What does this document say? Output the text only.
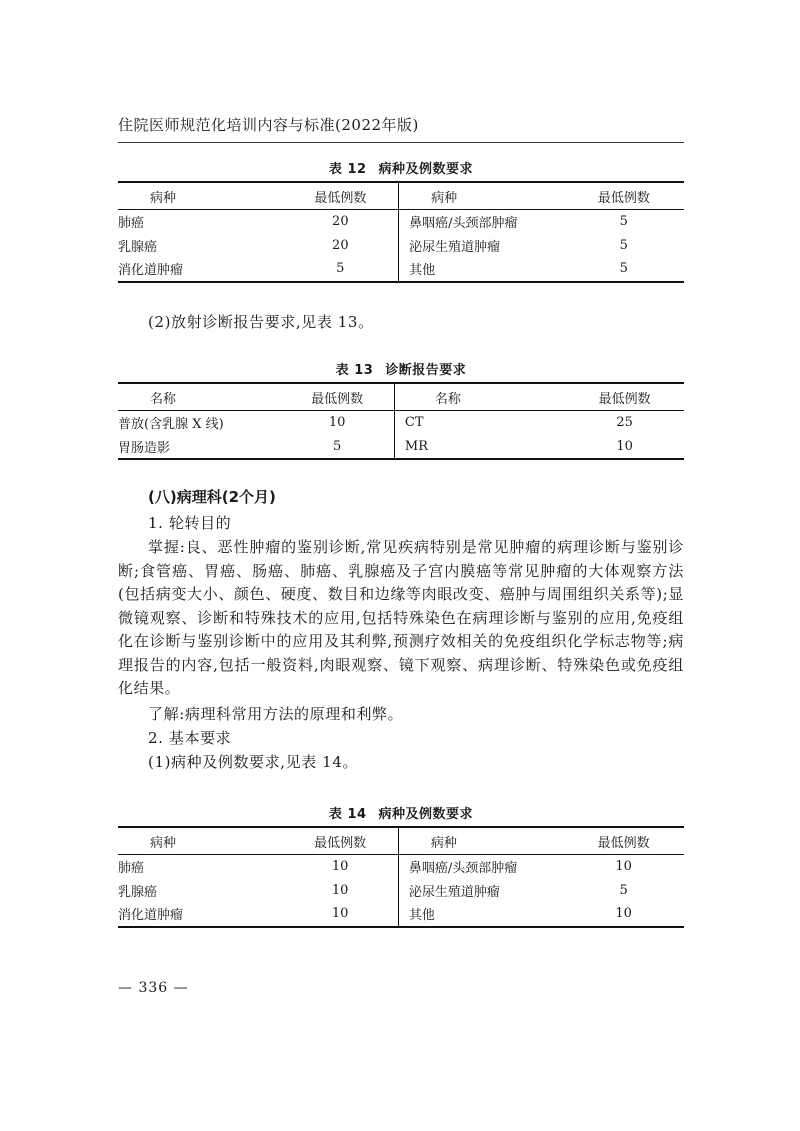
住院医师规范化培训内容与标准(2022年版)
表 12 病种及例数要求
病种	最低例数	病种	最低例数
肺癌	20	鼻咽癌/头颈部肿瘤	5
乳腺癌	20	泌尿生殖道肿瘤	5
消化道肿瘤	5	其他	5

(2)放射诊断报告要求,见表 13。

表 13 诊断报告要求
名称	最低例数	名称	最低例数
普放(含乳腺 X 线)	10	CT	25
胃肠造影	5	MR	10
(八)病理科(2个月)

1. 轮转目的

掌握:良、恶性肿瘤的鉴别诊断,常见疾病特别是常见肿瘤的病理诊断与鉴别诊断;食管癌、胃癌、肠癌、肺癌、乳腺癌及子宫内膜癌等常见肿瘤的大体观察方法(包括病变大小、颜色、硬度、数目和边缘等肉眼改变、癌肿与周围组织关系等);显微镜观察、诊断和特殊技术的应用,包括特殊染色在病理诊断与鉴别的应用,免疫组化在诊断与鉴别诊断中的应用及其利弊,预测疗效相关的免疫组织化学标志物等;病理报告的内容,包括一般资料,肉眼观察、镜下观察、病理诊断、特殊染色或免疫组化结果。

了解:病理科常用方法的原理和利弊。

2. 基本要求

(1)病种及例数要求,见表 14。

表 14 病种及例数要求
病种	最低例数	病种	最低例数
肺癌	10	鼻咽癌/头颈部肿瘤	10
乳腺癌	10	泌尿生殖道肿瘤	5
消化道肿瘤	10	其他	10
— 336 —
